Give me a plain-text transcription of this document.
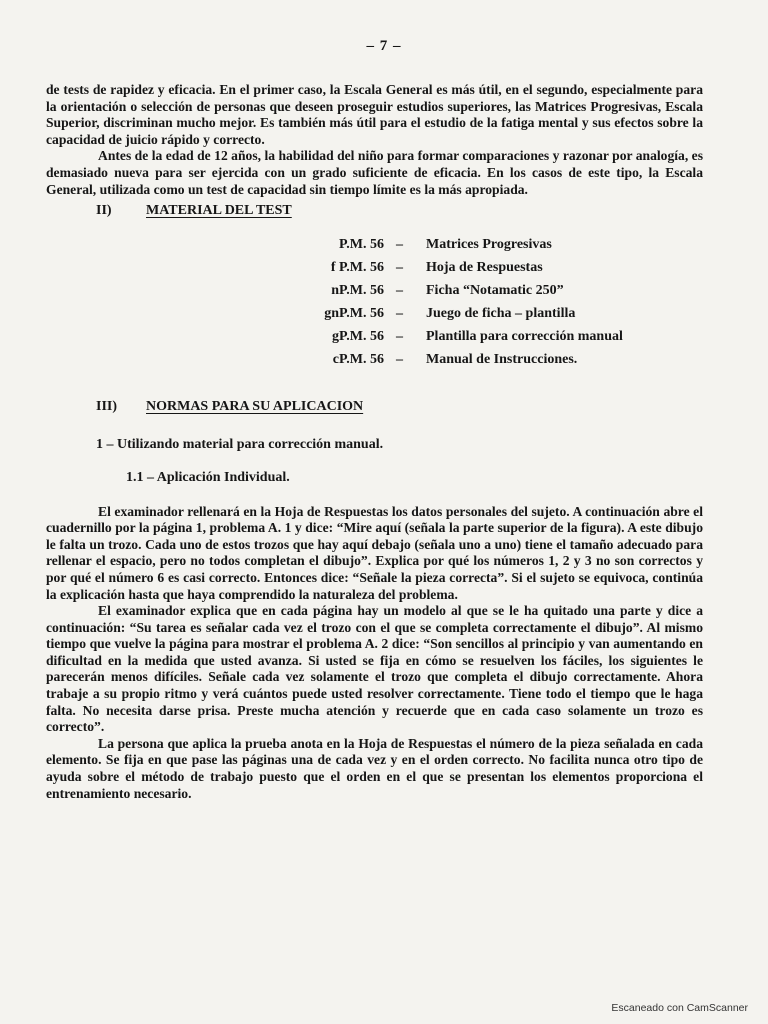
– 7 –

de tests de rapidez y eficacia. En el primer caso, la Escala General es más útil, en el segundo, especialmente para la orientación o selección de personas que deseen proseguir estudios superiores, las Matrices Progresivas, Escala Superior, discriminan mucho mejor. Es también más útil para el estudio de la fatiga mental y sus efectos sobre la capacidad de juicio rápido y correcto.

Antes de la edad de 12 años, la habilidad del niño para formar comparaciones y razonar por analogía, es demasiado nueva para ser ejercida con un grado suficiente de eficacia. En los casos de este tipo, la Escala General, utilizada como un test de capacidad sin tiempo límite es la más apropiada.

II)	MATERIAL DEL TEST
P.M. 56	–	Matrices Progresivas
f P.M. 56	–	Hoja de Respuestas
nP.M. 56	–	Ficha “Notamatic 250”
gnP.M. 56	–	Juego de ficha – plantilla
gP.M. 56	–	Plantilla para corrección manual
cP.M. 56	–	Manual de Instrucciones.
III)	NORMAS PARA SU APLICACION
1 – Utilizando material para corrección manual.
1.1 – Aplicación Individual.

El examinador rellenará en la Hoja de Respuestas los datos personales del sujeto. A continuación abre el cuadernillo por la página 1, problema A. 1 y dice: “Mire aquí (señala la parte superior de la figura). A este dibujo le falta un trozo. Cada uno de estos trozos que hay aquí debajo (señala uno a uno) tiene el tamaño adecuado para rellenar el espacio, pero no todos completan el dibujo”. Explica por qué los números 1, 2 y 3 no son correctos y por qué el número 6 es casi correcto. Entonces dice: “Señale la pieza correcta”. Si el sujeto se equivoca, continúa la explicación hasta que haya comprendido la naturaleza del problema.

El examinador explica que en cada página hay un modelo al que se le ha quitado una parte y dice a continuación: “Su tarea es señalar cada vez el trozo con el que se completa correctamente el dibujo”. Al mismo tiempo que vuelve la página para mostrar el problema A. 2 dice: “Son sencillos al principio y van aumentando en dificultad en la medida que usted avanza. Si usted se fija en cómo se resuelven los fáciles, los siguientes le parecerán menos difíciles. Señale cada vez solamente el trozo que completa el dibujo correctamente. Ahora trabaje a su propio ritmo y verá cuántos puede usted resolver correctamente. Tiene todo el tiempo que le haga falta. No necesita darse prisa. Preste mucha atención y recuerde que en cada caso solamente un trozo es correcto”.

La persona que aplica la prueba anota en la Hoja de Respuestas el número de la pieza señalada en cada elemento. Se fija en que pase las páginas una de cada vez y en el orden correcto. No facilita nunca otro tipo de ayuda sobre el método de trabajo puesto que el orden en el que se presentan los elementos proporciona el entrenamiento necesario.

Escaneado con CamScanner
